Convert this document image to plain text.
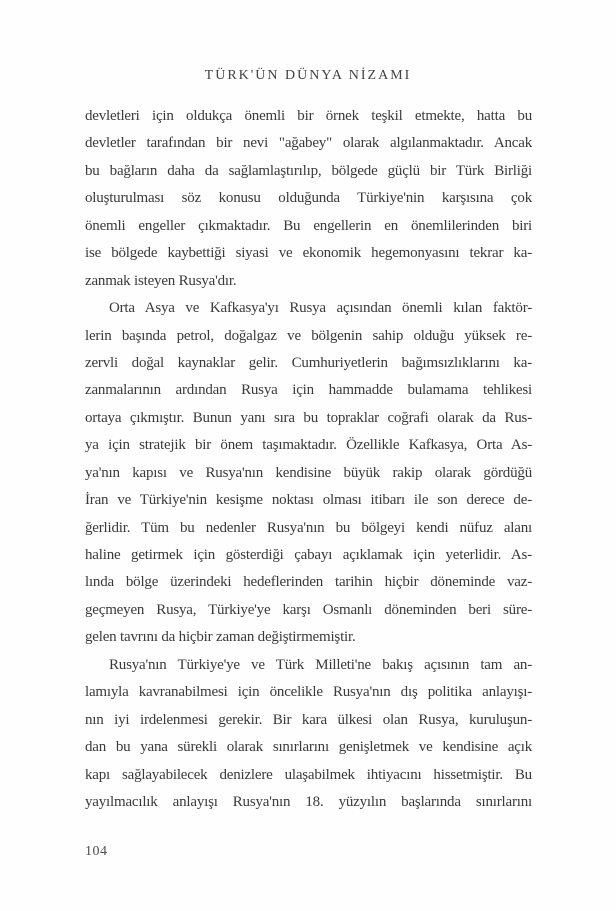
TÜRK'ÜN DÜNYA NİZAMI
devletleri için oldukça önemli bir örnek teşkil etmekte, hatta bu
devletler tarafından bir nevi "ağabey" olarak algılanmaktadır. Ancak
bu bağların daha da sağlamlaştırılıp, bölgede güçlü bir Türk Birliği
oluşturulması söz konusu olduğunda Türkiye'nin karşısına çok
önemli engeller çıkmaktadır. Bu engellerin en önemlilerinden biri
ise bölgede kaybettiği siyasi ve ekonomik hegemonyasını tekrar ka-
zanmak isteyen Rusya'dır.
Orta Asya ve Kafkasya'yı Rusya açısından önemli kılan faktör-
lerin başında petrol, doğalgaz ve bölgenin sahip olduğu yüksek re-
zervli doğal kaynaklar gelir. Cumhuriyetlerin bağımsızlıklarını ka-
zanmalarının ardından Rusya için hammadde bulamama tehlikesi
ortaya çıkmıştır. Bunun yanı sıra bu topraklar coğrafi olarak da Rus-
ya için stratejik bir önem taşımaktadır. Özellikle Kafkasya, Orta As-
ya'nın kapısı ve Rusya'nın kendisine büyük rakip olarak gördüğü
İran ve Türkiye'nin kesişme noktası olması itibarı ile son derece de-
ğerlidir. Tüm bu nedenler Rusya'nın bu bölgeyi kendi nüfuz alanı
haline getirmek için gösterdiği çabayı açıklamak için yeterlidir. As-
lında bölge üzerindeki hedeflerinden tarihin hiçbir döneminde vaz-
geçmeyen Rusya, Türkiye'ye karşı Osmanlı döneminden beri süre-
gelen tavrını da hiçbir zaman değiştirmemiştir.
Rusya'nın Türkiye'ye ve Türk Milleti'ne bakış açısının tam an-
lamıyla kavranabilmesi için öncelikle Rusya'nın dış politika anlayışı-
nın iyi irdelenmesi gerekir. Bir kara ülkesi olan Rusya, kuruluşun-
dan bu yana sürekli olarak sınırlarını genişletmek ve kendisine açık
kapı sağlayabilecek denizlere ulaşabilmek ihtiyacını hissetmiştir. Bu
yayılmacılık anlayışı Rusya'nın 18. yüzyılın başlarında sınırlarını
104
